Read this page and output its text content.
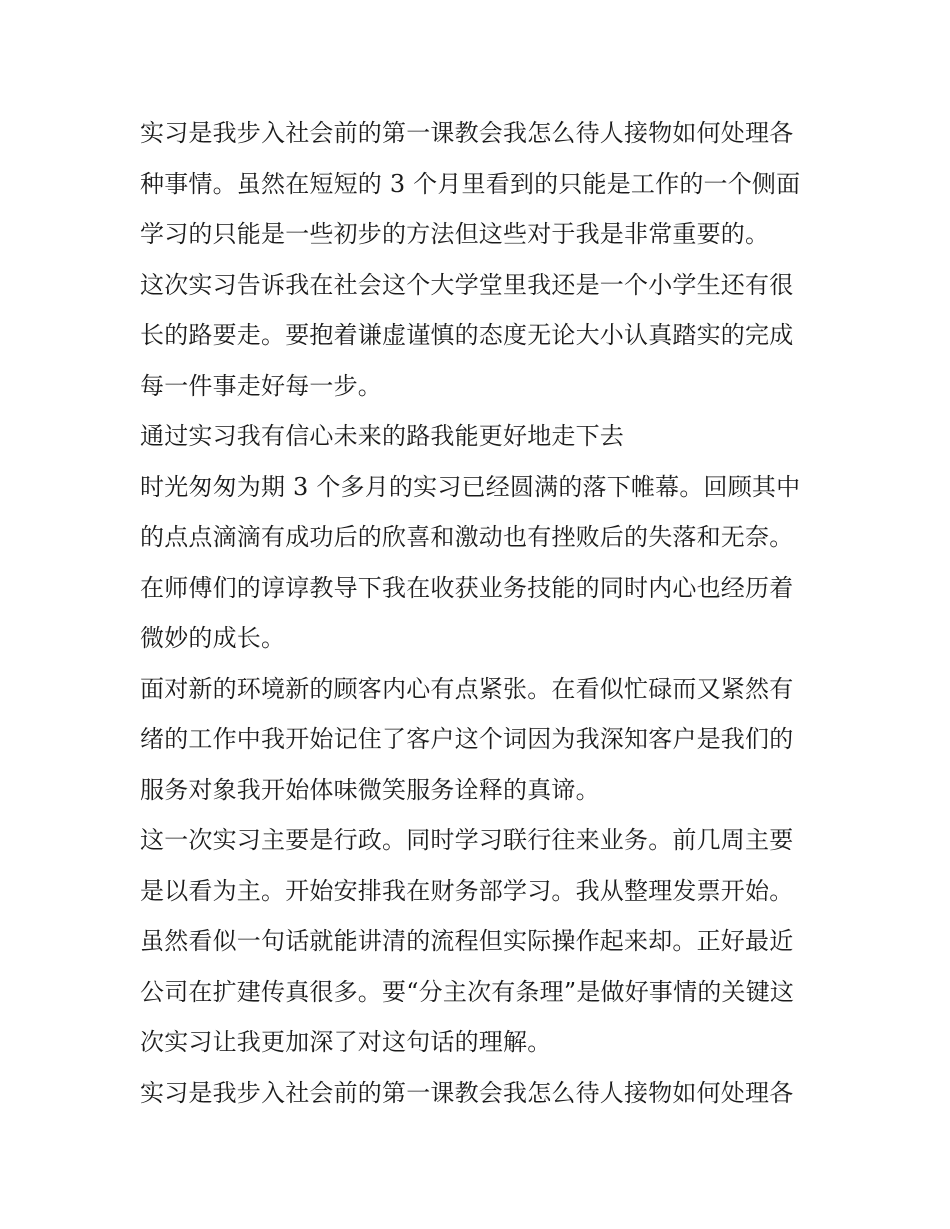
实习是我步入社会前的第一课教会我怎么待人接物如何处理各
种事情。虽然在短短的 3 个月里看到的只能是工作的一个侧面
学习的只能是一些初步的方法但这些对于我是非常重要的。
这次实习告诉我在社会这个大学堂里我还是一个小学生还有很
长的路要走。要抱着谦虚谨慎的态度无论大小认真踏实的完成
每一件事走好每一步。
通过实习我有信心未来的路我能更好地走下去
时光匆匆为期 3 个多月的实习已经圆满的落下帷幕。回顾其中
的点点滴滴有成功后的欣喜和激动也有挫败后的失落和无奈。
在师傅们的谆谆教导下我在收获业务技能的同时内心也经历着
微妙的成长。
面对新的环境新的顾客内心有点紧张。在看似忙碌而又紧然有
绪的工作中我开始记住了客户这个词因为我深知客户是我们的
服务对象我开始体味微笑服务诠释的真谛。
这一次实习主要是行政。同时学习联行往来业务。前几周主要
是以看为主。开始安排我在财务部学习。我从整理发票开始。
虽然看似一句话就能讲清的流程但实际操作起来却。正好最近
公司在扩建传真很多。要“分主次有条理”是做好事情的关键这
次实习让我更加深了对这句话的理解。
实习是我步入社会前的第一课教会我怎么待人接物如何处理各
